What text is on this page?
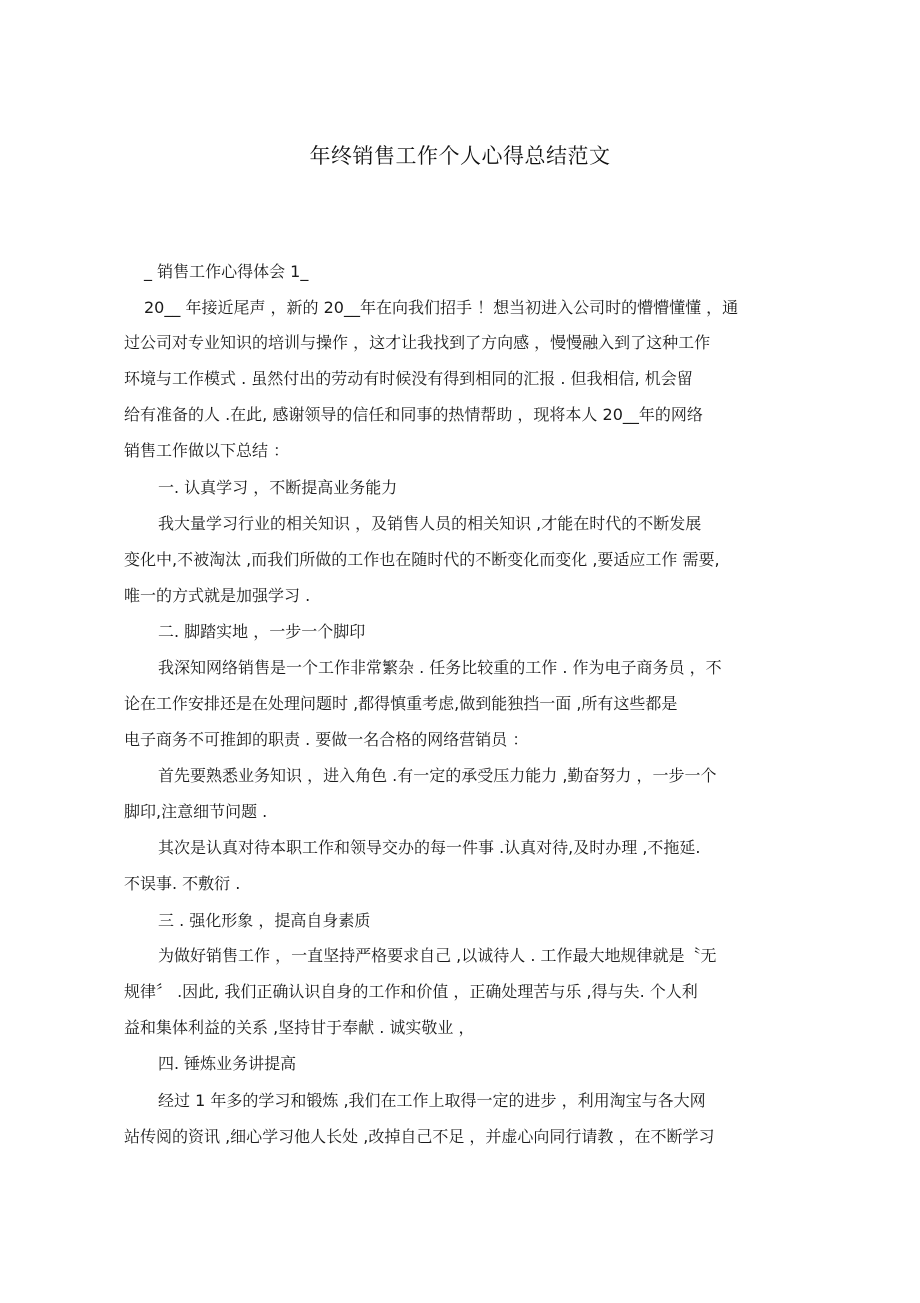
年终销售工作个人心得总结范文
_ 销售工作心得体会 1_
20__ 年接近尾声 ，新的 20__年在向我们招手 ！想当初进入公司时的懵懵懂懂 ，通
过公司对专业知识的培训与操作 ，这才让我找到了方向感 ，慢慢融入到了这种工作
环境与工作模式 . 虽然付出的劳动有时候没有得到相同的汇报 . 但我相信, 机会留
给有准备的人 .在此, 感谢领导的信任和同事的热情帮助 ，现将本人 20__年的网络
销售工作做以下总结 ：
一. 认真学习 ，不断提高业务能力
我大量学习行业的相关知识 ，及销售人员的相关知识 ,才能在时代的不断发展
变化中,不被淘汰 ,而我们所做的工作也在随时代的不断变化而变化 ,要适应工作 需要,
唯一的方式就是加强学习 .
二. 脚踏实地 ，一步一个脚印
我深知网络销售是一个工作非常繁杂 . 任务比较重的工作 . 作为电子商务员 ，不
论在工作安排还是在处理问题时 ,都得慎重考虑,做到能独挡一面 ,所有这些都是
电子商务不可推卸的职责 . 要做一名合格的网络营销员 ：
首先要熟悉业务知识 ，进入角色 .有一定的承受压力能力 ,勤奋努力 ，一步一个
脚印,注意细节问题 .
其次是认真对待本职工作和领导交办的每一件事 .认真对待,及时办理 ,不拖延.
不误事. 不敷衍 .
三 . 强化形象 ，提高自身素质
为做好销售工作 ，一直坚持严格要求自己 ,以诚待人 . 工作最大地规律就是〝无
规律〞 .因此, 我们正确认识自身的工作和价值 ，正确处理苦与乐 ,得与失. 个人利
益和集体利益的关系 ,坚持甘于奉献 . 诚实敬业 ，
四. 锤炼业务讲提高
经过 1 年多的学习和锻炼 ,我们在工作上取得一定的进步 ，利用淘宝与各大网
站传阅的资讯 ,细心学习他人长处 ,改掉自己不足 ，并虚心向同行请教 ，在不断学习
